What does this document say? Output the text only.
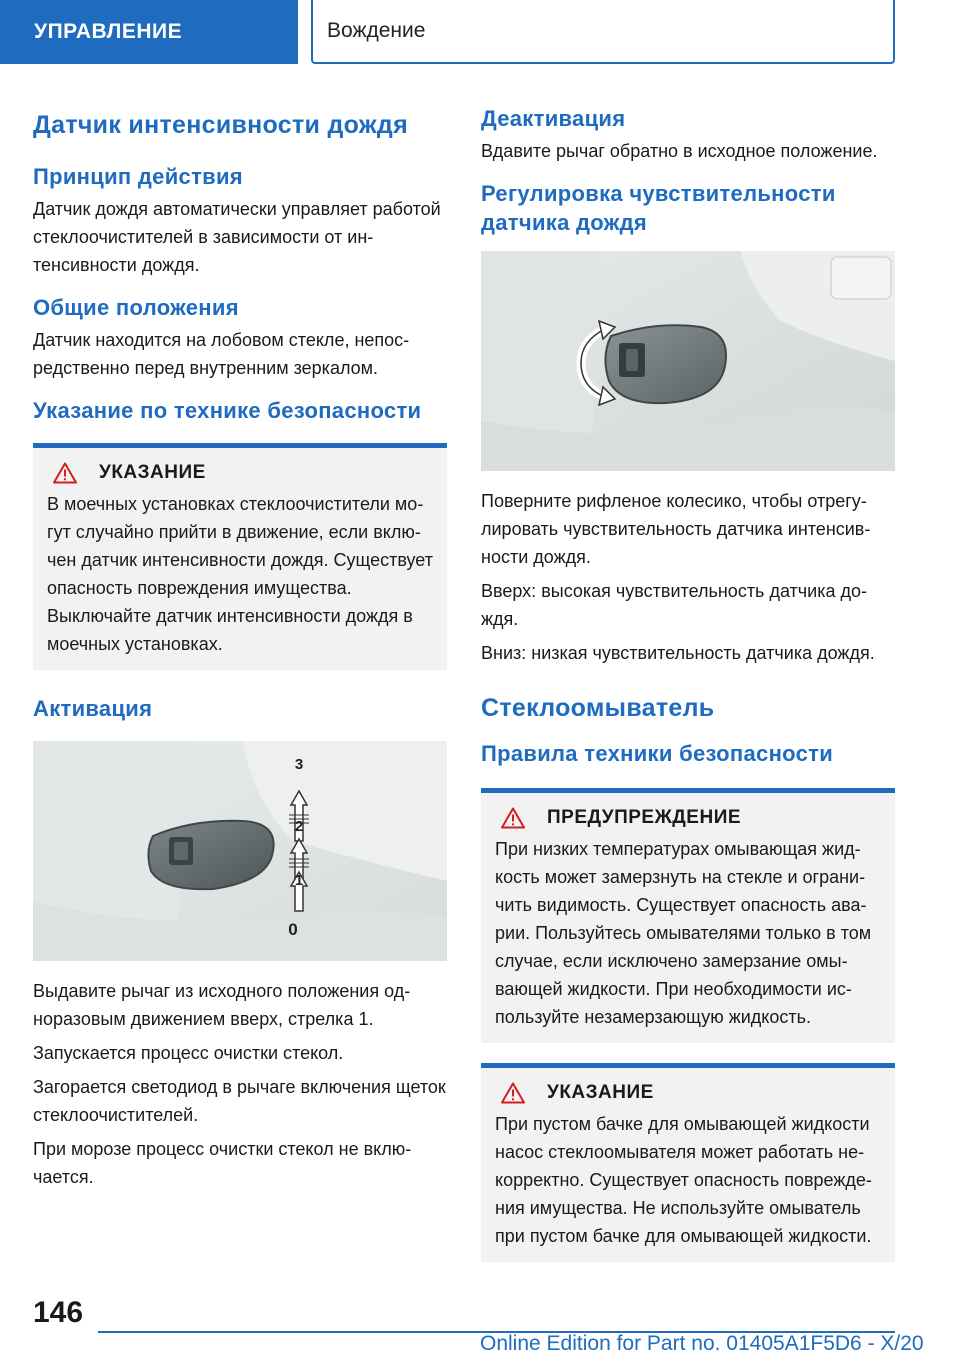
УПРАВЛЕНИЕ	Вождение
Датчик интенсивности дождя
Принцип действия

Датчик дождя автоматически управляет работой стеклоочистителей в зависимости от интенсивности дождя.

Общие положения

Датчик находится на лобовом стекле, непосредственно перед внутренним зеркалом.

Указание по технике безопасности
УКАЗАНИЕ

В моечных установках стеклоочистители могут случайно прийти в движение, если включен датчик интенсивности дождя. Существует опасность повреждения имущества. Выключайте датчик интенсивности дождя в моечных установках.

Активация
3
2
1
0

Выдавите рычаг из исходного положения одноразовым движением вверх, стрелка 1.

Запускается процесс очистки стекол.

Загорается светодиод в рычаге включения щеток стеклоочистителей.

При морозе процесс очистки стекол не включается.

Деактивация

Вдавите рычаг обратно в исходное положение.

Регулировка чувствительности датчика дождя

Поверните рифленое колесико, чтобы отрегулировать чувствительность датчика интенсивности дождя.

Вверх: высокая чувствительность датчика дождя.

Вниз: низкая чувствительность датчика дождя.

Стеклоомыватель
Правила техники безопасности
ПРЕДУПРЕЖДЕНИЕ

При низких температурах омывающая жидкость может замерзнуть на стекле и ограничить видимость. Существует опасность аварии. Пользуйтесь омывателями только в том случае, если исключено замерзание омывающей жидкости. При необходимости используйте незамерзающую жидкость.

УКАЗАНИЕ

При пустом бачке для омывающей жидкости насос стеклоомывателя может работать некорректно. Существует опасность повреждения имущества. Не используйте омыватель при пустом бачке для омывающей жидкости.

146
Online Edition for Part no. 01405A1F5D6 - X/20
